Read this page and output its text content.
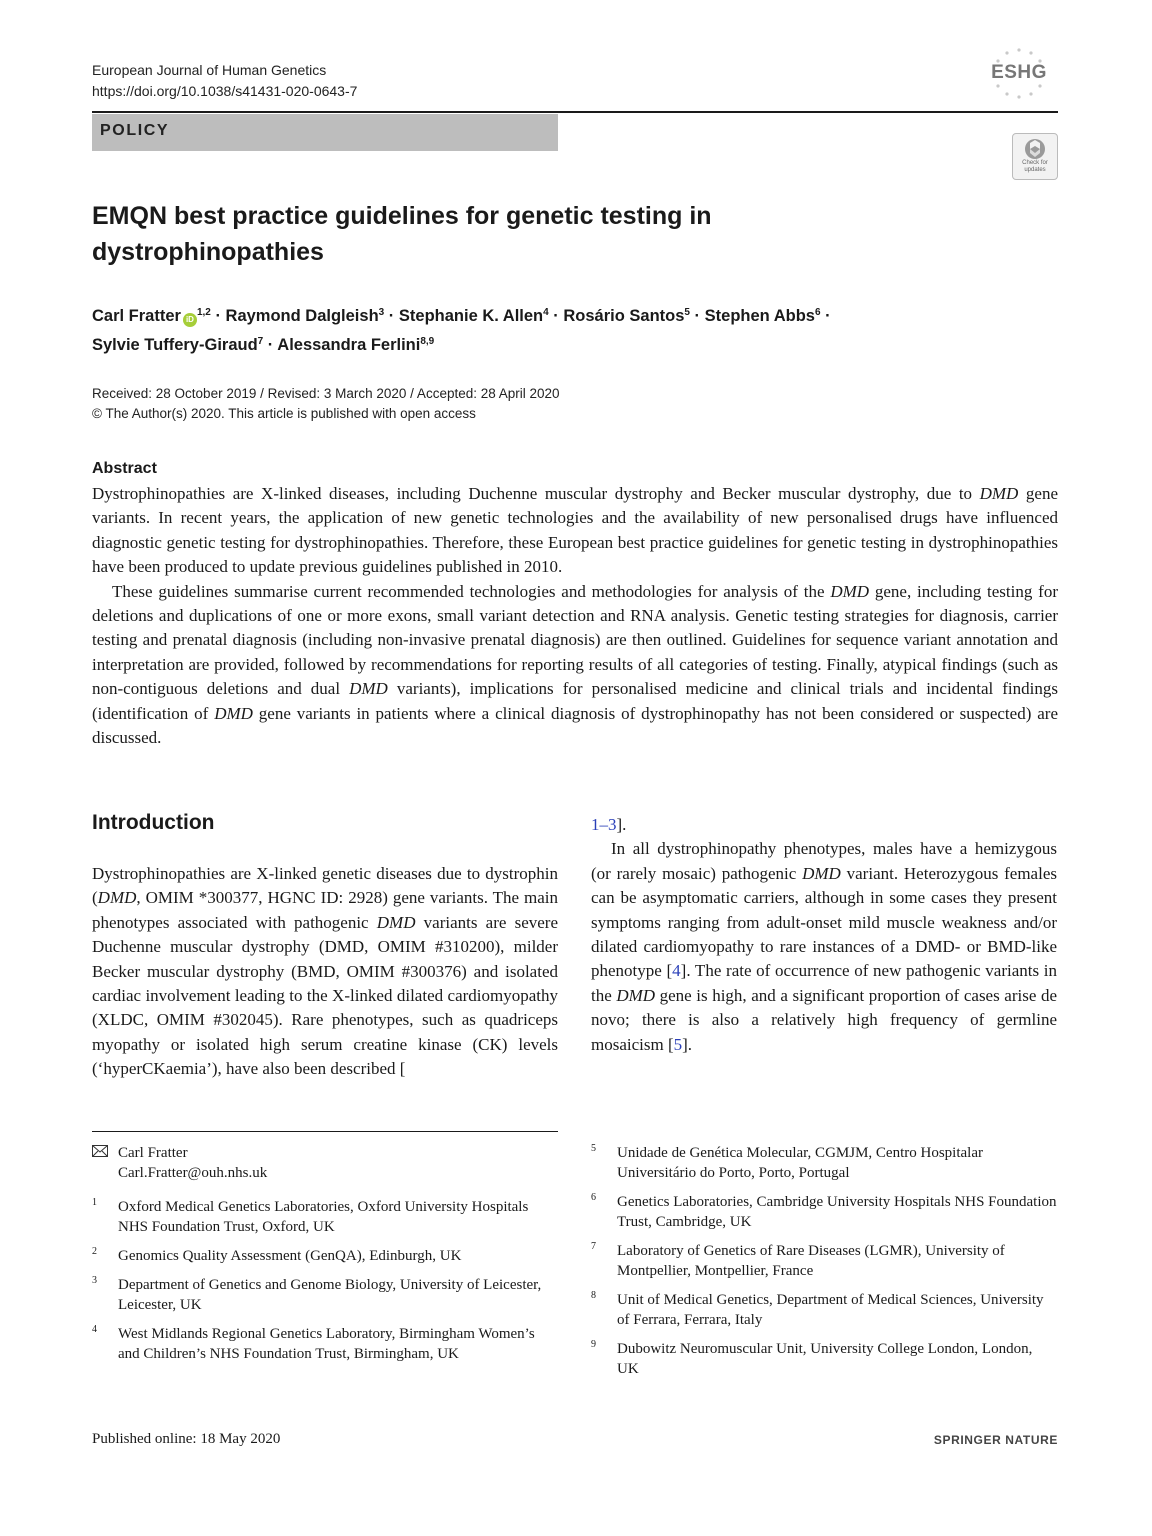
European Journal of Human Genetics
https://doi.org/10.1038/s41431-020-0643-7
ESHG
POLICY
Check for updates
EMQN best practice guidelines for genetic testing in
dystrophinopathies
Carl Fratter iD$^{1,2}$ · Raymond Dalgleish$^3$ · Stephanie K. Allen$^4$ · Rosário Santos$^5$ · Stephen Abbs$^6$ ·
Sylvie Tuffery-Giraud$^7$ · Alessandra Ferlini$^{8,9}$
Received: 28 October 2019 / Revised: 3 March 2020 / Accepted: 28 April 2020
© The Author(s) 2020. This article is published with open access
Abstract

Dystrophinopathies are X-linked diseases, including Duchenne muscular dystrophy and Becker muscular dystrophy, due to DMD gene variants. In recent years, the application of new genetic technologies and the availability of new personalised drugs have influenced diagnostic genetic testing for dystrophinopathies. Therefore, these European best practice guidelines for genetic testing in dystrophinopathies have been produced to update previous guidelines published in 2010.

These guidelines summarise current recommended technologies and methodologies for analysis of the DMD gene, including testing for deletions and duplications of one or more exons, small variant detection and RNA analysis. Genetic testing strategies for diagnosis, carrier testing and prenatal diagnosis (including non-invasive prenatal diagnosis) are then outlined. Guidelines for sequence variant annotation and interpretation are provided, followed by recommendations for reporting results of all categories of testing. Finally, atypical findings (such as non-contiguous deletions and dual DMD variants), implications for personalised medicine and clinical trials and incidental findings (identification of DMD gene variants in patients where a clinical diagnosis of dystrophinopathy has not been considered or suspected) are discussed.

Introduction

Dystrophinopathies are X-linked genetic diseases due to dystrophin (DMD, OMIM *300377, HGNC ID: 2928) gene variants. The main phenotypes associated with pathogenic DMD variants are severe Duchenne muscular dystrophy (DMD, OMIM #310200), milder Becker muscular dystrophy (BMD, OMIM #300376) and isolated cardiac involvement leading to the X-linked dilated cardiomyopathy (XLDC, OMIM #302045). Rare phenotypes, such as quadriceps myopathy or isolated high serum creatine kinase (CK) levels (‘hyperCKaemia’), have also been described [

1–3].

In all dystrophinopathy phenotypes, males have a hemizygous (or rarely mosaic) pathogenic DMD variant. Heterozygous females can be asymptomatic carriers, although in some cases they present symptoms ranging from adult-onset mild muscle weakness and/or dilated cardiomyopathy to rare instances of a DMD- or BMD-like phenotype [4]. The rate of occurrence of new pathogenic variants in the DMD gene is high, and a significant proportion of cases arise de novo; there is also a relatively high frequency of germline mosaicism [5].

Carl Fratter
Carl.Fratter@ouh.nhs.uk
1 Oxford Medical Genetics Laboratories, Oxford University Hospitals NHS Foundation Trust, Oxford, UK
2 Genomics Quality Assessment (GenQA), Edinburgh, UK
3 Department of Genetics and Genome Biology, University of Leicester, Leicester, UK
4 West Midlands Regional Genetics Laboratory, Birmingham Women’s and Children’s NHS Foundation Trust, Birmingham, UK
5 Unidade de Genética Molecular, CGMJM, Centro Hospitalar Universitário do Porto, Porto, Portugal
6 Genetics Laboratories, Cambridge University Hospitals NHS Foundation Trust, Cambridge, UK
7 Laboratory of Genetics of Rare Diseases (LGMR), University of Montpellier, Montpellier, France
8 Unit of Medical Genetics, Department of Medical Sciences, University of Ferrara, Ferrara, Italy
9 Dubowitz Neuromuscular Unit, University College London, London, UK
Published online: 18 May 2020	SPRINGER NATURE
